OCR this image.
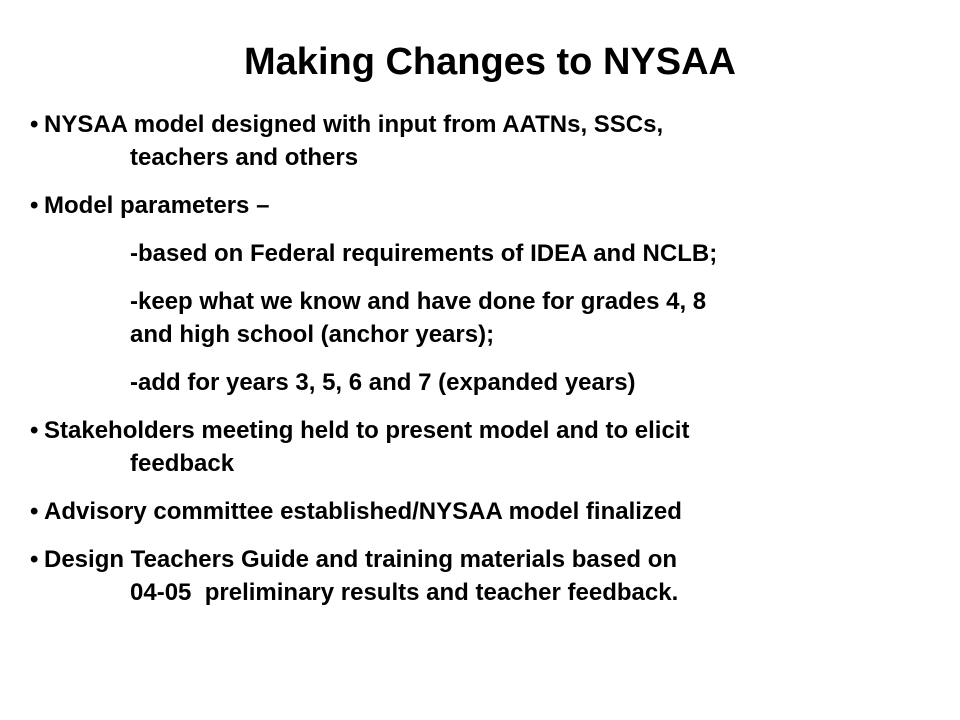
Making Changes to NYSAA
• NYSAA model designed with input from AATNs, SSCs,
teachers and others
• Model parameters –
-based on Federal requirements of IDEA and NCLB;
-keep what we know and have done for grades 4, 8
and high school (anchor years);
-add for years 3, 5, 6 and 7 (expanded years)
• Stakeholders meeting held to present model and to elicit
feedback
• Advisory committee established/NYSAA model finalized
• Design Teachers Guide and training materials based on
04-05  preliminary results and teacher feedback.
